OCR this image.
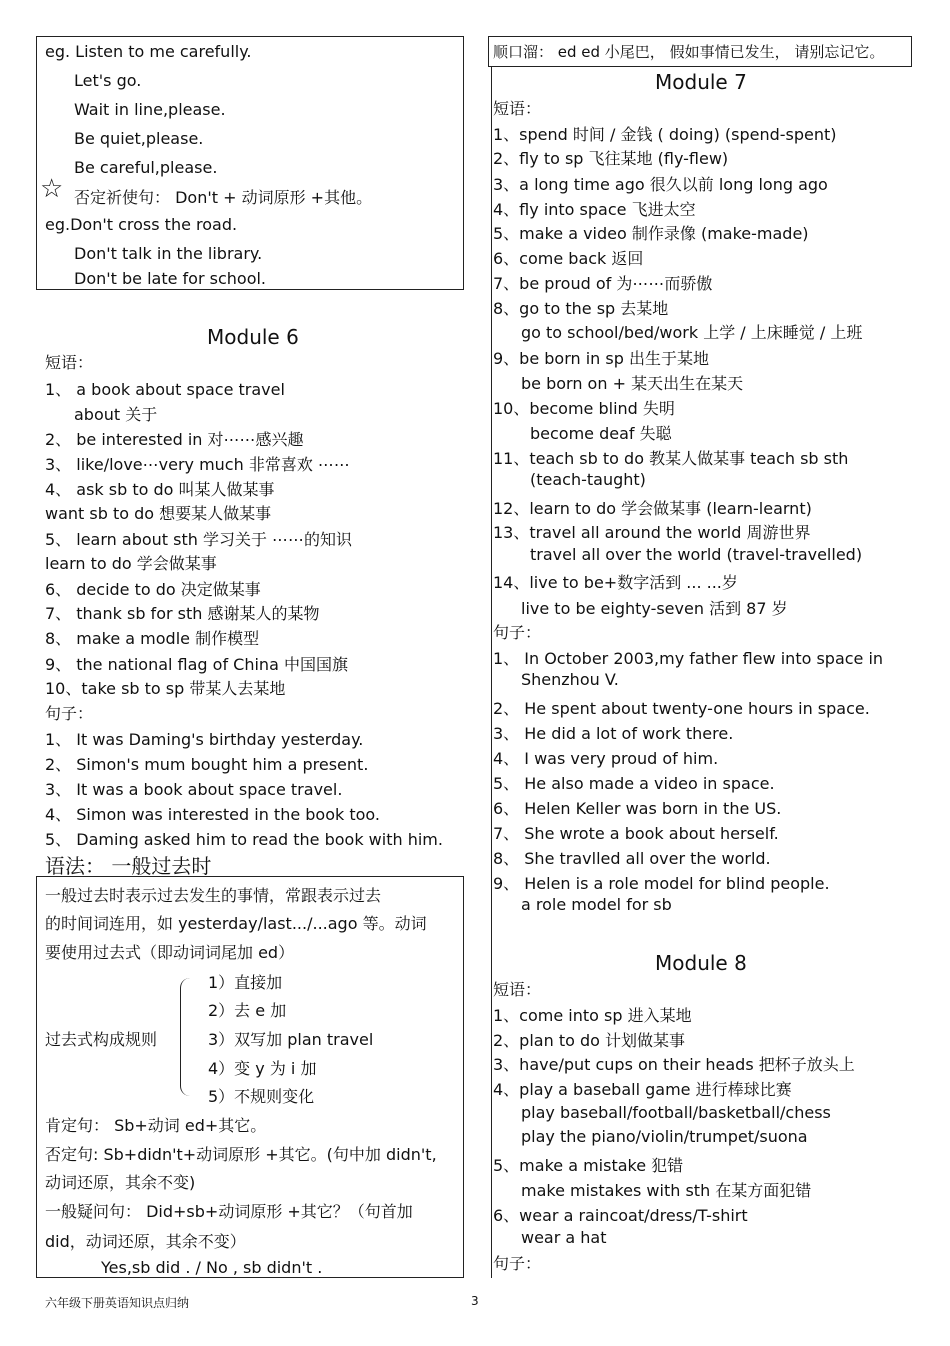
eg. Listen to me carefully.
Let's go.
Wait in line,please.
Be quiet,please.
Be careful,please.
☆ 否定祈使句： Don't + 动词原形 +其他。
eg.Don't cross the road.
Don't talk in the library.
Don't be late for school.
Module 6
短语：
1、 a book about space travel
about 关于
2、 be interested in 对⋯⋯感兴趣
3、 like/love⋯very much 非常喜欢 ⋯⋯
4、 ask sb to do 叫某人做某事
want sb to do 想要某人做某事
5、 learn about sth 学习关于 ⋯⋯的知识
learn to do 学会做某事
6、 decide to do 决定做某事
7、 thank sb for sth 感谢某人的某物
8、 make a modle 制作模型
9、 the national flag of China 中国国旗
10、take sb to sp 带某人去某地
句子：
1、 It was Daming's birthday yesterday.
2、 Simon's mum bought him a present.
3、 It was a book about space travel.
4、 Simon was interested in the book too.
5、 Daming asked him to read the book with him.
语法： 一般过去时
一般过去时表示过去发生的事情，常跟表示过去
的时间词连用，如 yesterday/last.../...ago 等。动词
要使用过去式（即动词词尾加 ed）
过去式构成规则
1）直接加
2）去 e 加
3）双写加 plan travel
4）变 y 为 i 加
5）不规则变化
肯定句： Sb+动词 ed+其它。
否定句: Sb+didn't+动词原形 +其它。(句中加 didn't,
动词还原，其余不变)
一般疑问句： Did+sb+动词原形 +其它？（句首加
did，动词还原，其余不变）
Yes,sb did . / No , sb didn't .
顺口溜： ed ed 小尾巴， 假如事情已发生， 请别忘记它。
Module 7
短语：
1、spend 时间 / 金钱 ( doing) (spend-spent)
2、fly to sp 飞往某地 (fly-flew)
3、a long time ago 很久以前 long long ago
4、fly into space 飞进太空
5、make a video 制作录像 (make-made)
6、come back 返回
7、be proud of 为⋯⋯而骄傲
8、go to the sp 去某地
go to school/bed/work 上学 / 上床睡觉 / 上班
9、be born in sp 出生于某地
be born on + 某天出生在某天
10、become blind 失明
become deaf 失聪
11、teach sb to do 教某人做某事 teach sb sth
(teach-taught)
12、learn to do 学会做某事 (learn-learnt)
13、travel all around the world 周游世界
travel all over the world (travel-travelled)
14、live to be+数字活到 ... ...岁
live to be eighty-seven 活到 87 岁
句子：
1、 In October 2003,my father flew into space in
Shenzhou V.
2、 He spent about twenty-one hours in space.
3、 He did a lot of work there.
4、 I was very proud of him.
5、 He also made a video in space.
6、 Helen Keller was born in the US.
7、 She wrote a book about herself.
8、 She travlled all over the world.
9、 Helen is a role model for blind people.
a role model for sb
Module 8
短语：
1、come into sp 进入某地
2、plan to do 计划做某事
3、have/put cups on their heads 把杯子放头上
4、play a baseball game 进行棒球比赛
play baseball/football/basketball/chess
play the piano/violin/trumpet/suona
5、make a mistake 犯错
make mistakes with sth 在某方面犯错
6、wear a raincoat/dress/T-shirt
wear a hat
句子：
六年级下册英语知识点归纳	3
